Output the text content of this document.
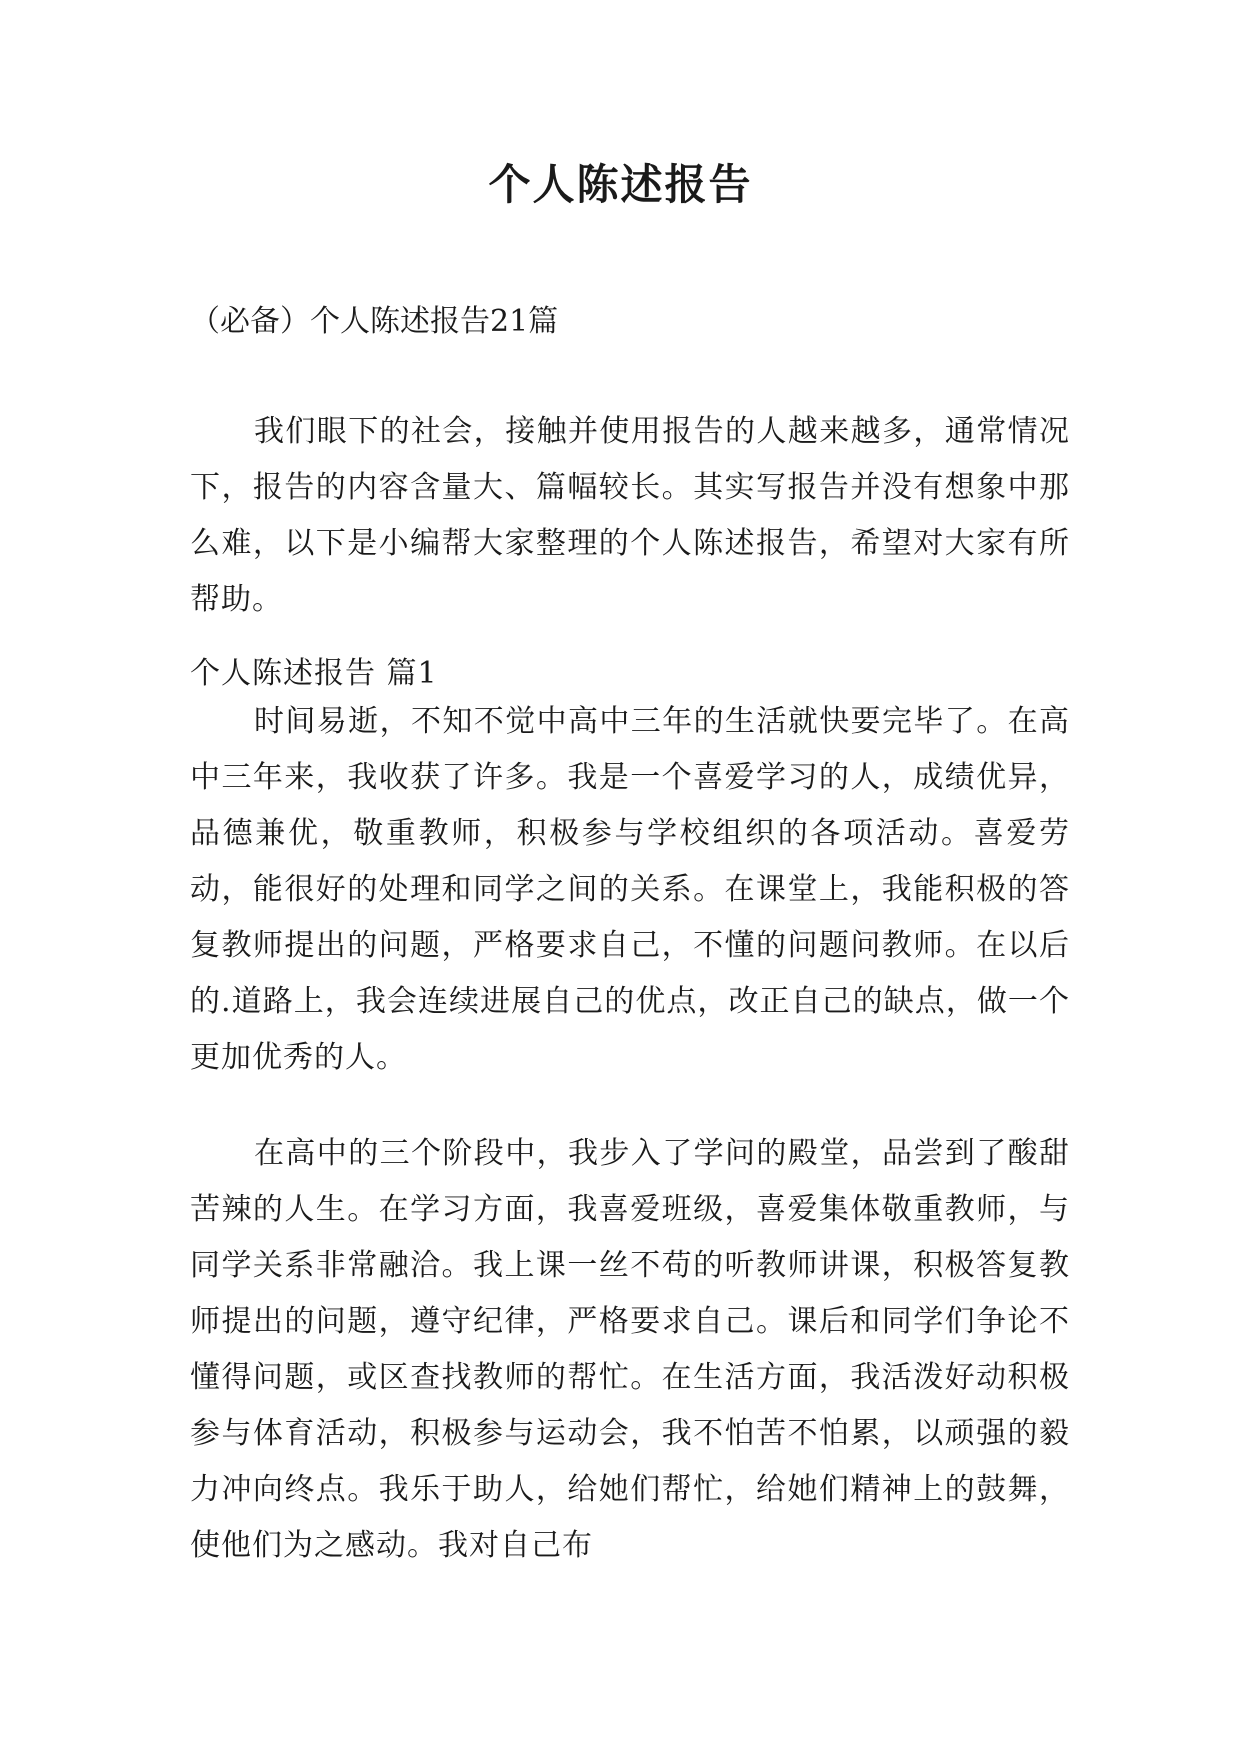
个人陈述报告

（必备）个人陈述报告21篇

我们眼下的社会，接触并使用报告的人越来越多，通常情况下，报告的内容含量大、篇幅较长。其实写报告并没有想象中那么难，以下是小编帮大家整理的个人陈述报告，希望对大家有所帮助。

个人陈述报告 篇1

时间易逝，不知不觉中高中三年的生活就快要完毕了。在高中三年来，我收获了许多。我是一个喜爱学习的人，成绩优异，品德兼优，敬重教师，积极参与学校组织的各项活动。喜爱劳动，能很好的处理和同学之间的关系。在课堂上，我能积极的答复教师提出的问题，严格要求自己，不懂的问题问教师。在以后的.道路上，我会连续进展自己的优点，改正自己的缺点，做一个更加优秀的人。

在高中的三个阶段中，我步入了学问的殿堂，品尝到了酸甜苦辣的人生。在学习方面，我喜爱班级，喜爱集体敬重教师，与同学关系非常融洽。我上课一丝不苟的听教师讲课，积极答复教师提出的问题，遵守纪律，严格要求自己。课后和同学们争论不懂得问题，或区查找教师的帮忙。在生活方面，我活泼好动积极参与体育活动，积极参与运动会，我不怕苦不怕累，以顽强的毅力冲向终点。我乐于助人，给她们帮忙，给她们精神上的鼓舞，使他们为之感动。我对自己布
